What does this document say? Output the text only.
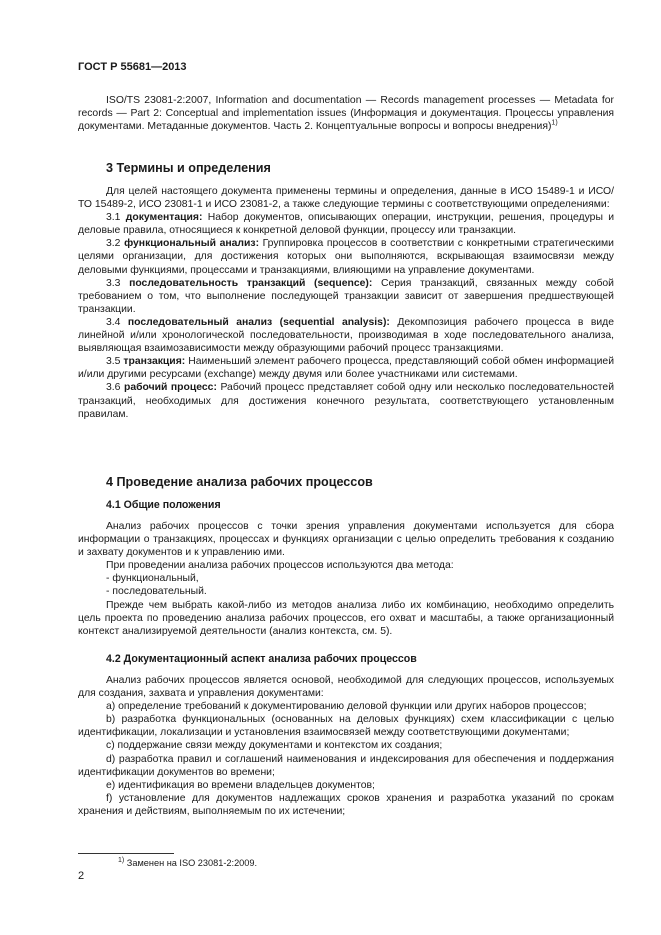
ГОСТ Р 55681—2013

ISO/TS 23081-2:2007, Information and documentation — Records management processes — Metadata for records — Part 2: Conceptual and implementation issues (Информация и документация. Процессы управления документами. Метаданные документов. Часть 2. Концептуальные вопросы и вопросы внедрения)$^{1)}$

3 Термины и определения

Для целей настоящего документа применены термины и определения, данные в ИСО 15489-1 и ИСО/ТО 15489-2, ИСО 23081-1 и ИСО 23081-2, а также следующие термины с соответствующими определениями:

3.1 документация: Набор документов, описывающих операции, инструкции, решения, процедуры и деловые правила, относящиеся к конкретной деловой функции, процессу или транзакции.

3.2 функциональный анализ: Группировка процессов в соответствии с конкретными стратегическими целями организации, для достижения которых они выполняются, вскрывающая взаимосвязи между деловыми функциями, процессами и транзакциями, влияющими на управление документами.

3.3 последовательность транзакций (sequence): Серия транзакций, связанных между собой требованием о том, что выполнение последующей транзакции зависит от завершения предшествующей транзакции.

3.4 последовательный анализ (sequential analysis): Декомпозиция рабочего процесса в виде линейной и/или хронологической последовательности, производимая в ходе последовательного анализа, выявляющая взаимозависимости между образующими рабочий процесс транзакциями.

3.5 транзакция: Наименьший элемент рабочего процесса, представляющий собой обмен информацией и/или другими ресурсами (exchange) между двумя или более участниками или системами.

3.6 рабочий процесс: Рабочий процесс представляет собой одну или несколько последовательностей транзакций, необходимых для достижения конечного результата, соответствующего установленным правилам.

4 Проведение анализа рабочих процессов
4.1 Общие положения

Анализ рабочих процессов с точки зрения управления документами используется для сбора информации о транзакциях, процессах и функциях организации с целью определить требования к созданию и захвату документов и к управлению ими.

При проведении анализа рабочих процессов используются два метода:

- функциональный,
- последовательный.

Прежде чем выбрать какой-либо из методов анализа либо их комбинацию, необходимо определить цель проекта по проведению анализа рабочих процессов, его охват и масштабы, а также организационный контекст анализируемой деятельности (анализ контекста, см. 5).

4.2 Документационный аспект анализа рабочих процессов

Анализ рабочих процессов является основой, необходимой для следующих процессов, используемых для создания, захвата и управления документами:

а) определение требований к документированию деловой функции или других наборов процессов;

b) разработка функциональных (основанных на деловых функциях) схем классификации с целью идентификации, локализации и установления взаимосвязей между соответствующими документами;

c) поддержание связи между документами и контекстом их создания;

d) разработка правил и соглашений наименования и индексирования для обеспечения и поддержания идентификации документов во времени;

e) идентификация во времени владельцев документов;

f) установление для документов надлежащих сроков хранения и разработка указаний по срокам хранения и действиям, выполняемым по их истечении;

$^{1)}$ Заменен на ISO 23081-2:2009.
2
